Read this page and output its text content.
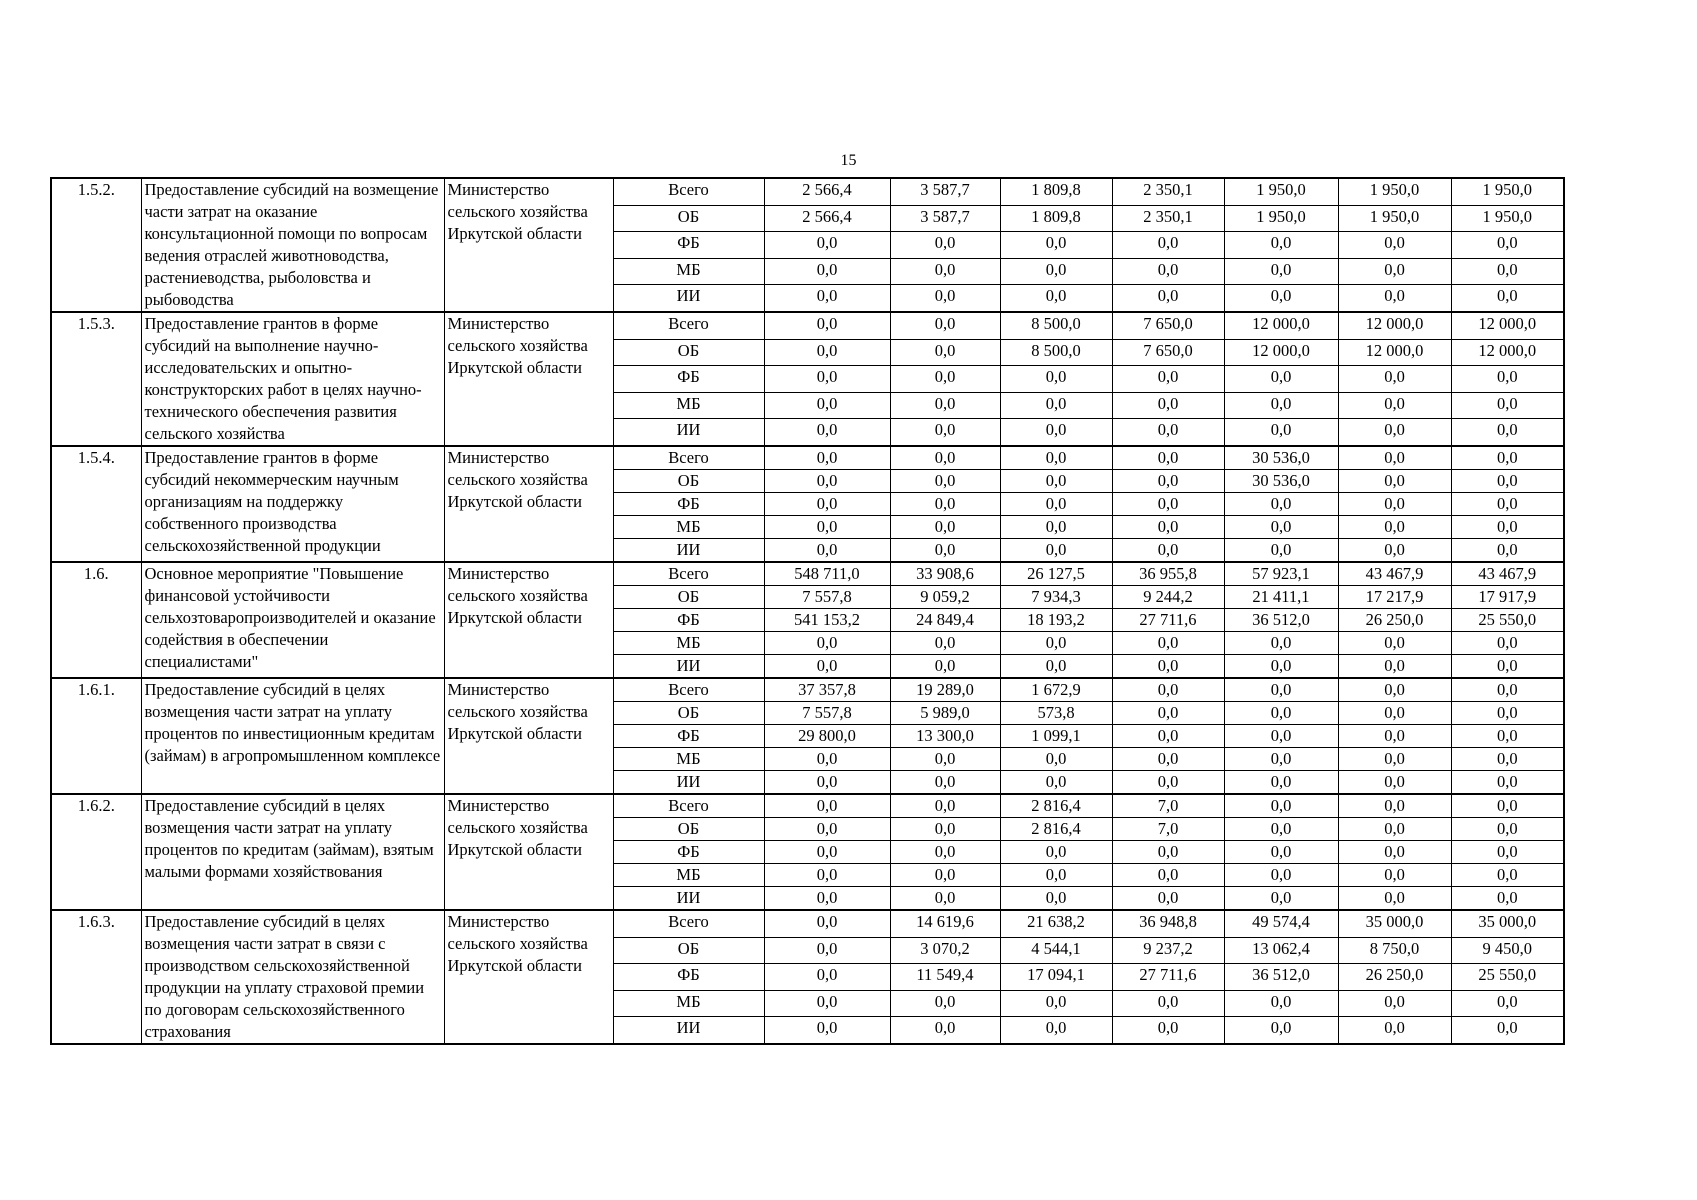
15
1.5.2.	Предоставление субсидий на возмещение части затрат на оказание консультационной помощи по вопросам ведения отраслей животноводства, растениеводства, рыболовства и рыбоводства	Министерство сельского хозяйства Иркутской области	Всего	2 566,4	3 587,7	1 809,8	2 350,1	1 950,0	1 950,0	1 950,0
			ОБ	2 566,4	3 587,7	1 809,8	2 350,1	1 950,0	1 950,0	1 950,0
			ФБ	0,0	0,0	0,0	0,0	0,0	0,0	0,0
			МБ	0,0	0,0	0,0	0,0	0,0	0,0	0,0
			ИИ	0,0	0,0	0,0	0,0	0,0	0,0	0,0
1.5.3.	Предоставление грантов в форме субсидий на выполнение научно-исследовательских и опытно-конструкторских работ в целях научно-технического обеспечения развития сельского хозяйства	Министерство сельского хозяйства Иркутской области	Всего	0,0	0,0	8 500,0	7 650,0	12 000,0	12 000,0	12 000,0
			ОБ	0,0	0,0	8 500,0	7 650,0	12 000,0	12 000,0	12 000,0
			ФБ	0,0	0,0	0,0	0,0	0,0	0,0	0,0
			МБ	0,0	0,0	0,0	0,0	0,0	0,0	0,0
			ИИ	0,0	0,0	0,0	0,0	0,0	0,0	0,0
1.5.4.	Предоставление грантов в форме субсидий некоммерческим научным организациям на поддержку собственного производства сельскохозяйственной продукции	Министерство сельского хозяйства Иркутской области	Всего	0,0	0,0	0,0	0,0	30 536,0	0,0	0,0
			ОБ	0,0	0,0	0,0	0,0	30 536,0	0,0	0,0
			ФБ	0,0	0,0	0,0	0,0	0,0	0,0	0,0
			МБ	0,0	0,0	0,0	0,0	0,0	0,0	0,0
			ИИ	0,0	0,0	0,0	0,0	0,0	0,0	0,0
1.6.	Основное мероприятие "Повышение финансовой устойчивости сельхозтоваропроизводителей и оказание содействия в обеспечении специалистами"	Министерство сельского хозяйства Иркутской области	Всего	548 711,0	33 908,6	26 127,5	36 955,8	57 923,1	43 467,9	43 467,9
			ОБ	7 557,8	9 059,2	7 934,3	9 244,2	21 411,1	17 217,9	17 917,9
			ФБ	541 153,2	24 849,4	18 193,2	27 711,6	36 512,0	26 250,0	25 550,0
			МБ	0,0	0,0	0,0	0,0	0,0	0,0	0,0
			ИИ	0,0	0,0	0,0	0,0	0,0	0,0	0,0
1.6.1.	Предоставление субсидий в целях возмещения части затрат на уплату процентов по инвестиционным кредитам (займам) в агропромышленном комплексе	Министерство сельского хозяйства Иркутской области	Всего	37 357,8	19 289,0	1 672,9	0,0	0,0	0,0	0,0
			ОБ	7 557,8	5 989,0	573,8	0,0	0,0	0,0	0,0
			ФБ	29 800,0	13 300,0	1 099,1	0,0	0,0	0,0	0,0
			МБ	0,0	0,0	0,0	0,0	0,0	0,0	0,0
			ИИ	0,0	0,0	0,0	0,0	0,0	0,0	0,0
1.6.2.	Предоставление субсидий в целях возмещения части затрат на уплату процентов по кредитам (займам), взятым малыми формами хозяйствования	Министерство сельского хозяйства Иркутской области	Всего	0,0	0,0	2 816,4	7,0	0,0	0,0	0,0
			ОБ	0,0	0,0	2 816,4	7,0	0,0	0,0	0,0
			ФБ	0,0	0,0	0,0	0,0	0,0	0,0	0,0
			МБ	0,0	0,0	0,0	0,0	0,0	0,0	0,0
			ИИ	0,0	0,0	0,0	0,0	0,0	0,0	0,0
1.6.3.	Предоставление субсидий в целях возмещения части затрат в связи с производством сельскохозяйственной продукции на уплату страховой премии по договорам сельскохозяйственного страхования	Министерство сельского хозяйства Иркутской области	Всего	0,0	14 619,6	21 638,2	36 948,8	49 574,4	35 000,0	35 000,0
			ОБ	0,0	3 070,2	4 544,1	9 237,2	13 062,4	8 750,0	9 450,0
			ФБ	0,0	11 549,4	17 094,1	27 711,6	36 512,0	26 250,0	25 550,0
			МБ	0,0	0,0	0,0	0,0	0,0	0,0	0,0
			ИИ	0,0	0,0	0,0	0,0	0,0	0,0	0,0
